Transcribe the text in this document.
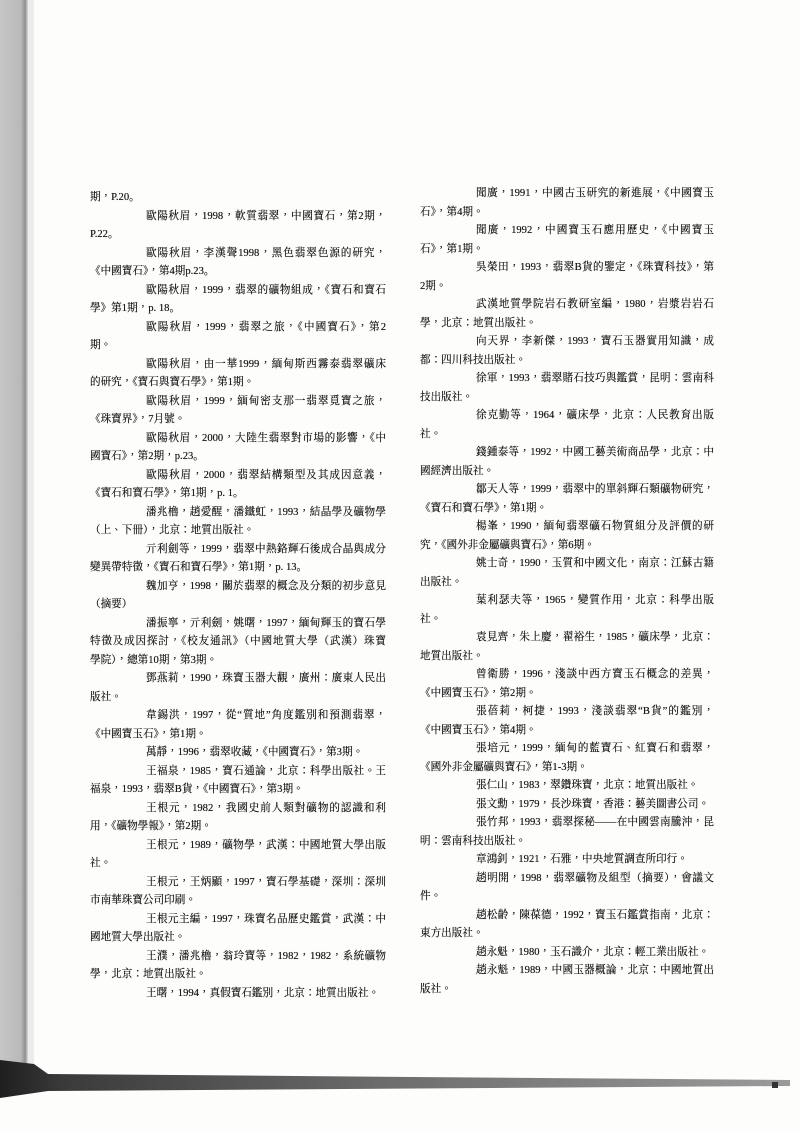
期，P.20。
歐陽秋眉，1998，軟質翡翠，中國寶石，第2期，
P.22。
歐陽秋眉，李漢聲1998，黑色翡翠色源的研究，
《中國寶石》，第4期p.23。
歐陽秋眉，1999，翡翠的礦物組成，《寶石和寶石
學》第1期，p. 18。
歐陽秋眉，1999，翡翠之旅，《中國寶石》，第2
期。
歐陽秋眉，由一華1999，緬甸斯西霧泰翡翠礦床
的研究，《寶石與寶石學》，第1期。
歐陽秋眉，1999，緬甸密支那一翡翠覓寶之旅，
《珠寶界》，7月號。
歐陽秋眉，2000，大陸生翡翠對市場的影響，《中
國寶石》，第2期，p.23。
歐陽秋眉，2000，翡翠結構類型及其成因意義，
《寶石和寶石學》，第1期，p. 1。
潘兆櫓，趙愛醒，潘鐵虹，1993，結晶學及礦物學
（上、下冊），北京：地質出版社。
亓利劍等，1999，翡翠中熱鉻輝石後成合晶與成分
變異帶特徵，《寶石和寶石學》，第1期，p. 13。
魏加亨，1998，關於翡翠的概念及分類的初步意見
（摘要）
潘振寧，亓利劍，姚曙，1997，緬甸輝玉的寶石學
特徵及成因探討，《校友通訊》（中國地質大學（武漢）珠寶
學院），總第10期，第3期。
鄧燕莉，1990，珠寶玉器大觀，廣州：廣東人民出
版社。
韋錫洪，1997，從“質地”角度鑑別和預測翡翠，
《中國寶玉石》，第1期。
萬靜，1996，翡翠收藏，《中國寶石》，第3期。
王福泉，1985，寶石通論，北京：科學出版社。王
福泉，1993，翡翠B貨，《中國寶石》，第3期。
王根元，1982，我國史前人類對礦物的認識和利
用，《礦物學報》，第2期。
王根元，1989，礦物學，武漢：中國地質大學出版
社。
王根元，王炳顯，1997，寶石學基礎，深圳：深圳
市南華珠寶公司印刷。
王根元主編，1997，珠寶名品歷史鑑賞，武漢：中
國地質大學出版社。
王濮，潘兆櫓，翁玲寶等，1982，1982，系統礦物
學，北京：地質出版社。
王曙，1994，真假寶石鑑別，北京：地質出版社。
聞廣，1991，中國古玉研究的新進展，《中國寶玉
石》，第4期。
聞廣，1992，中國寶玉石應用歷史，《中國寶玉
石》，第1期。
吳榮田，1993，翡翠B貨的鑒定，《珠寶科技》，第
2期。
武漢地質學院岩石教研室編，1980，岩漿岩岩石
學，北京：地質出版社。
向天界，李新傑，1993，寶石玉器實用知識，成
都：四川科技出版社。
徐軍，1993，翡翠賭石技巧與鑑賞，昆明：雲南科
技出版社。
徐克勤等，1964，礦床學，北京：人民教育出版
社。
錢鍾泰等，1992，中國工藝美術商品學，北京：中
國經濟出版社。
鄒天人等，1999，翡翠中的單斜輝石類礦物研究，
《寶石和寶石學》，第1期。
楊峯，1990，緬甸翡翠礦石物質組分及評價的研
究，《國外非金屬礦與寶石》，第6期。
姚士奇，1990，玉質和中國文化，南京：江蘇古籍
出版社。
葉利瑟夫等，1965，變質作用，北京：科學出版
社。
袁見齊，朱上慶，翟裕生，1985，礦床學，北京：
地質出版社。
曾衛勝，1996，淺談中西方寶玉石概念的差異，
《中國寶玉石》，第2期。
張蓓莉，柯捷，1993，淺談翡翠“B貨”的鑑別，
《中國寶玉石》，第4期。
張培元，1999，緬甸的藍寶石、紅寶石和翡翠，
《國外非金屬礦與寶石》，第1-3期。
張仁山，1983，翠鑽珠寶，北京：地質出版社。
張文勳，1979，長沙珠寶，香港：藝美圖書公司。
張竹邦，1993，翡翠探秘——在中國雲南騰沖，昆
明：雲南科技出版社。
章鴻釗，1921，石雅，中央地質調查所印行。
趙明開，1998，翡翠礦物及組型（摘要），會議文
件。
趙松齡，陳葆德，1992，寶玉石鑑賞指南，北京：
東方出版社。
趙永魁，1980，玉石識介，北京：輕工業出版社。
趙永魁，1989，中國玉器概論，北京：中國地質出
版社。
